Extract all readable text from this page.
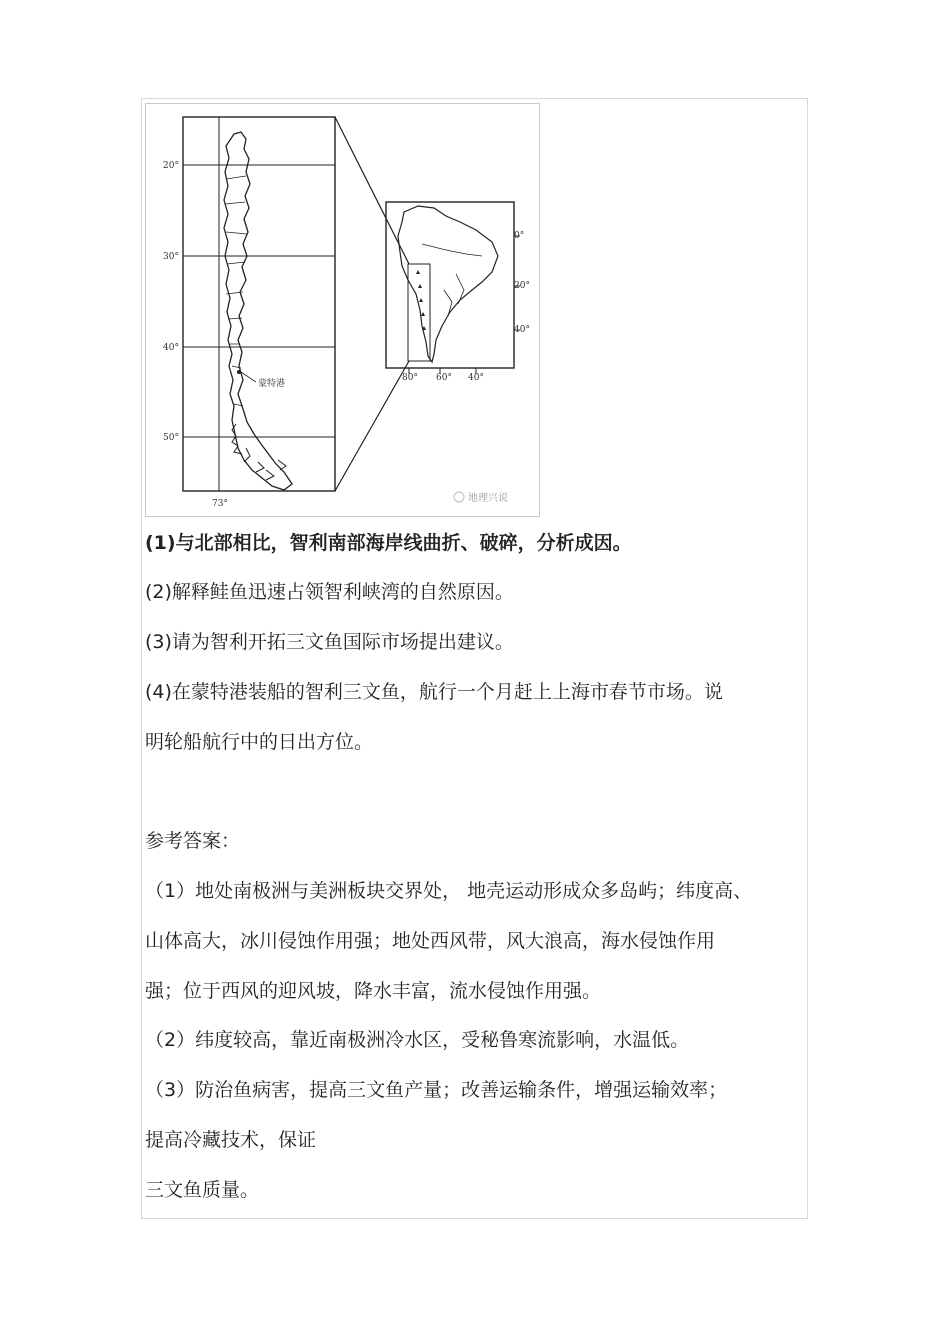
20°
30°
40°
50°
73°
蒙特港
0°
20°
40°
80° 60° 40°
地理兴说
(1)与北部相比，智利南部海岸线曲折、破碎，分析成因。
(2)解释鲑鱼迅速占领智利峡湾的自然原因。
(3)请为智利开拓三文鱼国际市场提出建议。
(4)在蒙特港装船的智利三文鱼，航行一个月赶上上海市春节市场。说
明轮船航行中的日出方位。
参考答案：
（1）地处南极洲与美洲板块交界处， 地壳运动形成众多岛屿；纬度高、
山体高大，冰川侵蚀作用强；地处西风带，风大浪高，海水侵蚀作用
强；位于西风的迎风坡，降水丰富，流水侵蚀作用强。
（2）纬度较高，靠近南极洲冷水区，受秘鲁寒流影响，水温低。
（3）防治鱼病害，提高三文鱼产量；改善运输条件，增强运输效率；
提高冷藏技术，保证
三文鱼质量。
